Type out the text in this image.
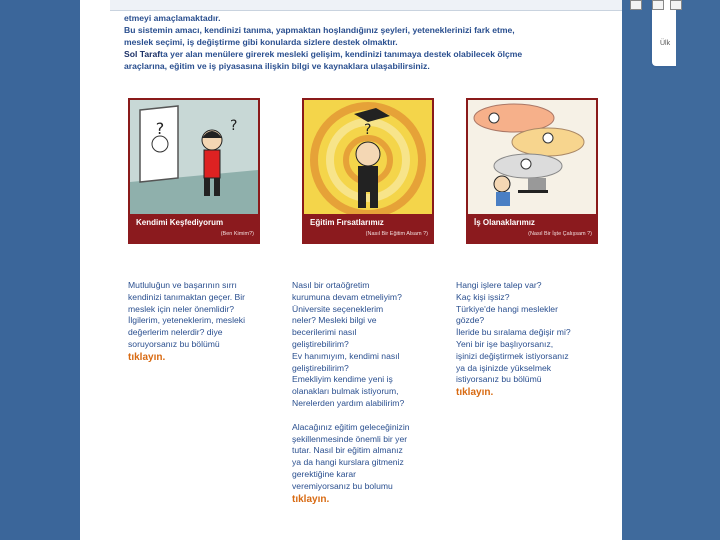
Ülk

etmeyi amaçlamaktadır.

Bu sistemin amacı, kendinizi tanıma, yapmaktan hoşlandığınız şeyleri, yeteneklerinizi fark etme,

meslek seçimi, iş değiştirme gibi konularda sizlere destek olmaktır.

Sol Tarafta yer alan menülere girerek mesleki gelişim, kendinizi tanımaya destek olabilecek ölçme

araçlarına, eğitim ve iş piyasasına ilişkin bilgi ve kaynaklara ulaşabilirsiniz.

?	?
Kendimi Keşfediyorum
(Ben Kimim?)
?
Eğitim Fırsatlarımız
(Nasıl Bir Eğitim Alsam ?)
İş Olanaklarımız
(Nasıl Bir İşte Çalışsam ?)

Mutluluğun ve başarının sırrı

kendinizi tanımaktan geçer. Bir

meslek için neler önemlidir?

İlgilerim, yeteneklerim, mesleki

değerlerim nelerdir? diye

soruyorsanız bu bölümü

tıklayın.

Nasıl bir ortaöğretim

kurumuna devam etmeliyim?

Üniversite seçeneklerim

neler? Mesleki bilgi ve

becerilerimi nasıl

geliştirebilirim?

Ev hanımıyım, kendimi nasıl

geliştirebilirim?

Emekliyim kendime yeni iş

olanakları bulmak istiyorum,

Nerelerden yardım alabilirim?

Alacağınız eğitim geleceğinizin

şekillenmesinde önemli bir yer

tutar. Nasıl bir eğitim almanız

ya da hangi kurslara gitmeniz

gerektiğine karar

veremiyorsanız bu bolumu

tıklayın.

Hangi işlere talep var?

Kaç kişi işsiz?

Türkiye'de hangi meslekler

gözde?

İleride bu sıralama değişir mi?

Yeni bir işe başlıyorsanız,

işinizi değiştirmek istiyorsanız

ya da işinizde yükselmek

istiyorsanız bu bölümü

tıklayın.
